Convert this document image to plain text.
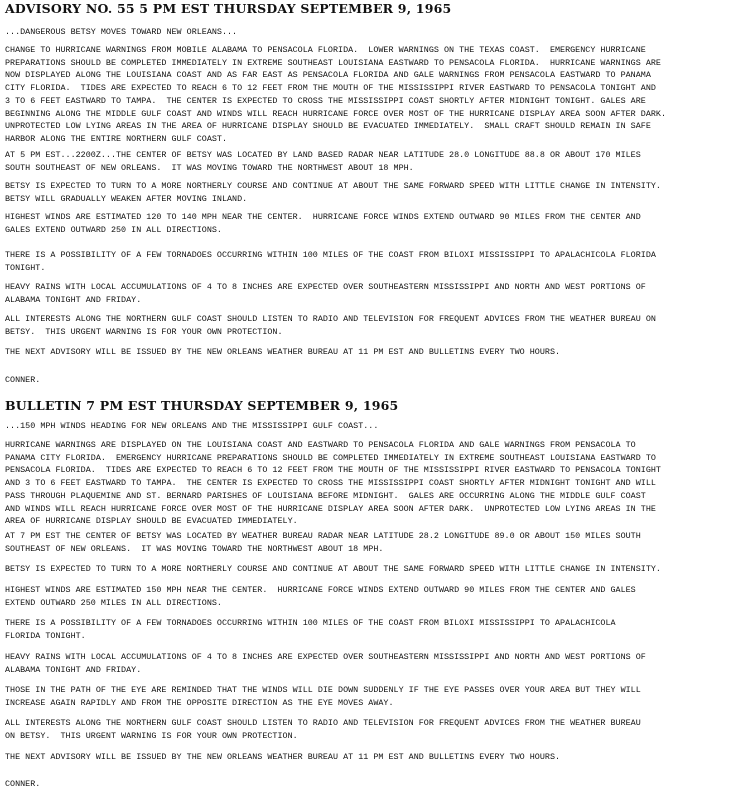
ADVISORY NO. 55 5 PM EST THURSDAY SEPTEMBER 9, 1965
...DANGEROUS BETSY MOVES TOWARD NEW ORLEANS...
CHANGE TO HURRICANE WARNINGS FROM MOBILE ALABAMA TO PENSACOLA FLORIDA.  LOWER WARNINGS ON THE TEXAS COAST.  EMERGENCY HURRICANE
PREPARATIONS SHOULD BE COMPLETED IMMEDIATELY IN EXTREME SOUTHEAST LOUISIANA EASTWARD TO PENSACOLA FLORIDA.  HURRICANE WARNINGS ARE
NOW DISPLAYED ALONG THE LOUISIANA COAST AND AS FAR EAST AS PENSACOLA FLORIDA AND GALE WARNINGS FROM PENSACOLA EASTWARD TO PANAMA
CITY FLORIDA.  TIDES ARE EXPECTED TO REACH 6 TO 12 FEET FROM THE MOUTH OF THE MISSISSIPPI RIVER EASTWARD TO PENSACOLA TONIGHT AND
3 TO 6 FEET EASTWARD TO TAMPA.  THE CENTER IS EXPECTED TO CROSS THE MISSISSIPPI COAST SHORTLY AFTER MIDNIGHT TONIGHT. GALES ARE
BEGINNING ALONG THE MIDDLE GULF COAST AND WINDS WILL REACH HURRICANE FORCE OVER MOST OF THE HURRICANE DISPLAY AREA SOON AFTER DARK.
UNPROTECTED LOW LYING AREAS IN THE AREA OF HURRICANE DISPLAY SHOULD BE EVACUATED IMMEDIATELY.  SMALL CRAFT SHOULD REMAIN IN SAFE
HARBOR ALONG THE ENTIRE NORTHERN GULF COAST.
AT 5 PM EST...2200Z...THE CENTER OF BETSY WAS LOCATED BY LAND BASED RADAR NEAR LATITUDE 28.0 LONGITUDE 88.8 OR ABOUT 170 MILES
SOUTH SOUTHEAST OF NEW ORLEANS.  IT WAS MOVING TOWARD THE NORTHWEST ABOUT 18 MPH.
BETSY IS EXPECTED TO TURN TO A MORE NORTHERLY COURSE AND CONTINUE AT ABOUT THE SAME FORWARD SPEED WITH LITTLE CHANGE IN INTENSITY.
BETSY WILL GRADUALLY WEAKEN AFTER MOVING INLAND.
HIGHEST WINDS ARE ESTIMATED 120 TO 140 MPH NEAR THE CENTER.  HURRICANE FORCE WINDS EXTEND OUTWARD 90 MILES FROM THE CENTER AND
GALES EXTEND OUTWARD 250 IN ALL DIRECTIONS.
THERE IS A POSSIBILITY OF A FEW TORNADOES OCCURRING WITHIN 100 MILES OF THE COAST FROM BILOXI MISSISSIPPI TO APALACHICOLA FLORIDA
TONIGHT.
HEAVY RAINS WITH LOCAL ACCUMULATIONS OF 4 TO 8 INCHES ARE EXPECTED OVER SOUTHEASTERN MISSISSIPPI AND NORTH AND WEST PORTIONS OF
ALABAMA TONIGHT AND FRIDAY.
ALL INTERESTS ALONG THE NORTHERN GULF COAST SHOULD LISTEN TO RADIO AND TELEVISION FOR FREQUENT ADVICES FROM THE WEATHER BUREAU ON
BETSY.  THIS URGENT WARNING IS FOR YOUR OWN PROTECTION.
THE NEXT ADVISORY WILL BE ISSUED BY THE NEW ORLEANS WEATHER BUREAU AT 11 PM EST AND BULLETINS EVERY TWO HOURS.
CONNER.
BULLETIN 7 PM EST THURSDAY SEPTEMBER 9, 1965
...150 MPH WINDS HEADING FOR NEW ORLEANS AND THE MISSISSIPPI GULF COAST...
HURRICANE WARNINGS ARE DISPLAYED ON THE LOUISIANA COAST AND EASTWARD TO PENSACOLA FLORIDA AND GALE WARNINGS FROM PENSACOLA TO
PANAMA CITY FLORIDA.  EMERGENCY HURRICANE PREPARATIONS SHOULD BE COMPLETED IMMEDIATELY IN EXTREME SOUTHEAST LOUISIANA EASTWARD TO
PENSACOLA FLORIDA.  TIDES ARE EXPECTED TO REACH 6 TO 12 FEET FROM THE MOUTH OF THE MISSISSIPPI RIVER EASTWARD TO PENSACOLA TONIGHT
AND 3 TO 6 FEET EASTWARD TO TAMPA.  THE CENTER IS EXPECTED TO CROSS THE MISSISSIPPI COAST SHORTLY AFTER MIDNIGHT TONIGHT AND WILL
PASS THROUGH PLAQUEMINE AND ST. BERNARD PARISHES OF LOUISIANA BEFORE MIDNIGHT.  GALES ARE OCCURRING ALONG THE MIDDLE GULF COAST
AND WINDS WILL REACH HURRICANE FORCE OVER MOST OF THE HURRICANE DISPLAY AREA SOON AFTER DARK.  UNPROTECTED LOW LYING AREAS IN THE
AREA OF HURRICANE DISPLAY SHOULD BE EVACUATED IMMEDIATELY.
AT 7 PM EST THE CENTER OF BETSY WAS LOCATED BY WEATHER BUREAU RADAR NEAR LATITUDE 28.2 LONGITUDE 89.0 OR ABOUT 150 MILES SOUTH
SOUTHEAST OF NEW ORLEANS.  IT WAS MOVING TOWARD THE NORTHWEST ABOUT 18 MPH.
BETSY IS EXPECTED TO TURN TO A MORE NORTHERLY COURSE AND CONTINUE AT ABOUT THE SAME FORWARD SPEED WITH LITTLE CHANGE IN INTENSITY.
HIGHEST WINDS ARE ESTIMATED 150 MPH NEAR THE CENTER.  HURRICANE FORCE WINDS EXTEND OUTWARD 90 MILES FROM THE CENTER AND GALES
EXTEND OUTWARD 250 MILES IN ALL DIRECTIONS.
THERE IS A POSSIBILITY OF A FEW TORNADOES OCCURRING WITHIN 100 MILES OF THE COAST FROM BILOXI MISSISSIPPI TO APALACHICOLA
FLORIDA TONIGHT.
HEAVY RAINS WITH LOCAL ACCUMULATIONS OF 4 TO 8 INCHES ARE EXPECTED OVER SOUTHEASTERN MISSISSIPPI AND NORTH AND WEST PORTIONS OF
ALABAMA TONIGHT AND FRIDAY.
THOSE IN THE PATH OF THE EYE ARE REMINDED THAT THE WINDS WILL DIE DOWN SUDDENLY IF THE EYE PASSES OVER YOUR AREA BUT THEY WILL
INCREASE AGAIN RAPIDLY AND FROM THE OPPOSITE DIRECTION AS THE EYE MOVES AWAY.
ALL INTERESTS ALONG THE NORTHERN GULF COAST SHOULD LISTEN TO RADIO AND TELEVISION FOR FREQUENT ADVICES FROM THE WEATHER BUREAU
ON BETSY.  THIS URGENT WARNING IS FOR YOUR OWN PROTECTION.
THE NEXT ADVISORY WILL BE ISSUED BY THE NEW ORLEANS WEATHER BUREAU AT 11 PM EST AND BULLETINS EVERY TWO HOURS.
CONNER.
